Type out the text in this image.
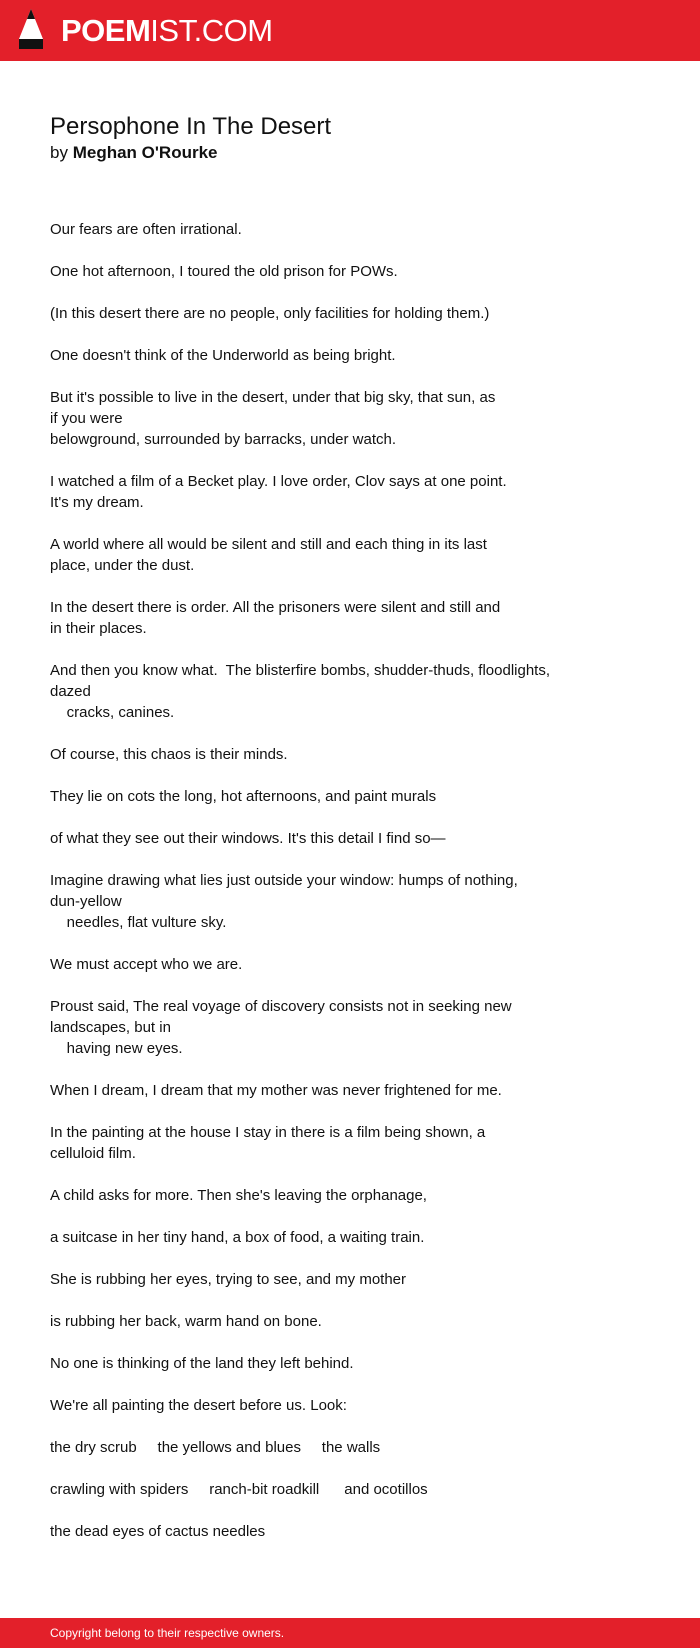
POEMIST.COM
Persophone In The Desert
by Meghan O'Rourke
Our fears are often irrational.
One hot afternoon, I toured the old prison for POWs.
(In this desert there are no people, only facilities for holding them.)
One doesn't think of the Underworld as being bright.
But it's possible to live in the desert, under that big sky, that sun, as
if you were
belowground, surrounded by barracks, under watch.
I watched a film of a Becket play. I love order, Clov says at one point.
It's my dream.
A world where all would be silent and still and each thing in its last
place, under the dust.
In the desert there is order. All the prisoners were silent and still and
in their places.
And then you know what.  The blisterfire bombs, shudder-thuds, floodlights,
dazed
cracks, canines.
Of course, this chaos is their minds.
They lie on cots the long, hot afternoons, and paint murals
of what they see out their windows. It's this detail I find so—
Imagine drawing what lies just outside your window: humps of nothing,
dun-yellow
needles, flat vulture sky.
We must accept who we are.
Proust said, The real voyage of discovery consists not in seeking new
landscapes, but in
having new eyes.
When I dream, I dream that my mother was never frightened for me.
In the painting at the house I stay in there is a film being shown, a
celluloid film.
A child asks for more. Then she's leaving the orphanage,
a suitcase in her tiny hand, a box of food, a waiting train.
She is rubbing her eyes, trying to see, and my mother
is rubbing her back, warm hand on bone.
No one is thinking of the land they left behind.
We're all painting the desert before us. Look:
the dry scrub     the yellows and blues     the walls
crawling with spiders     ranch-bit roadkill      and ocotillos
the dead eyes of cactus needles
Copyright belong to their respective owners.
